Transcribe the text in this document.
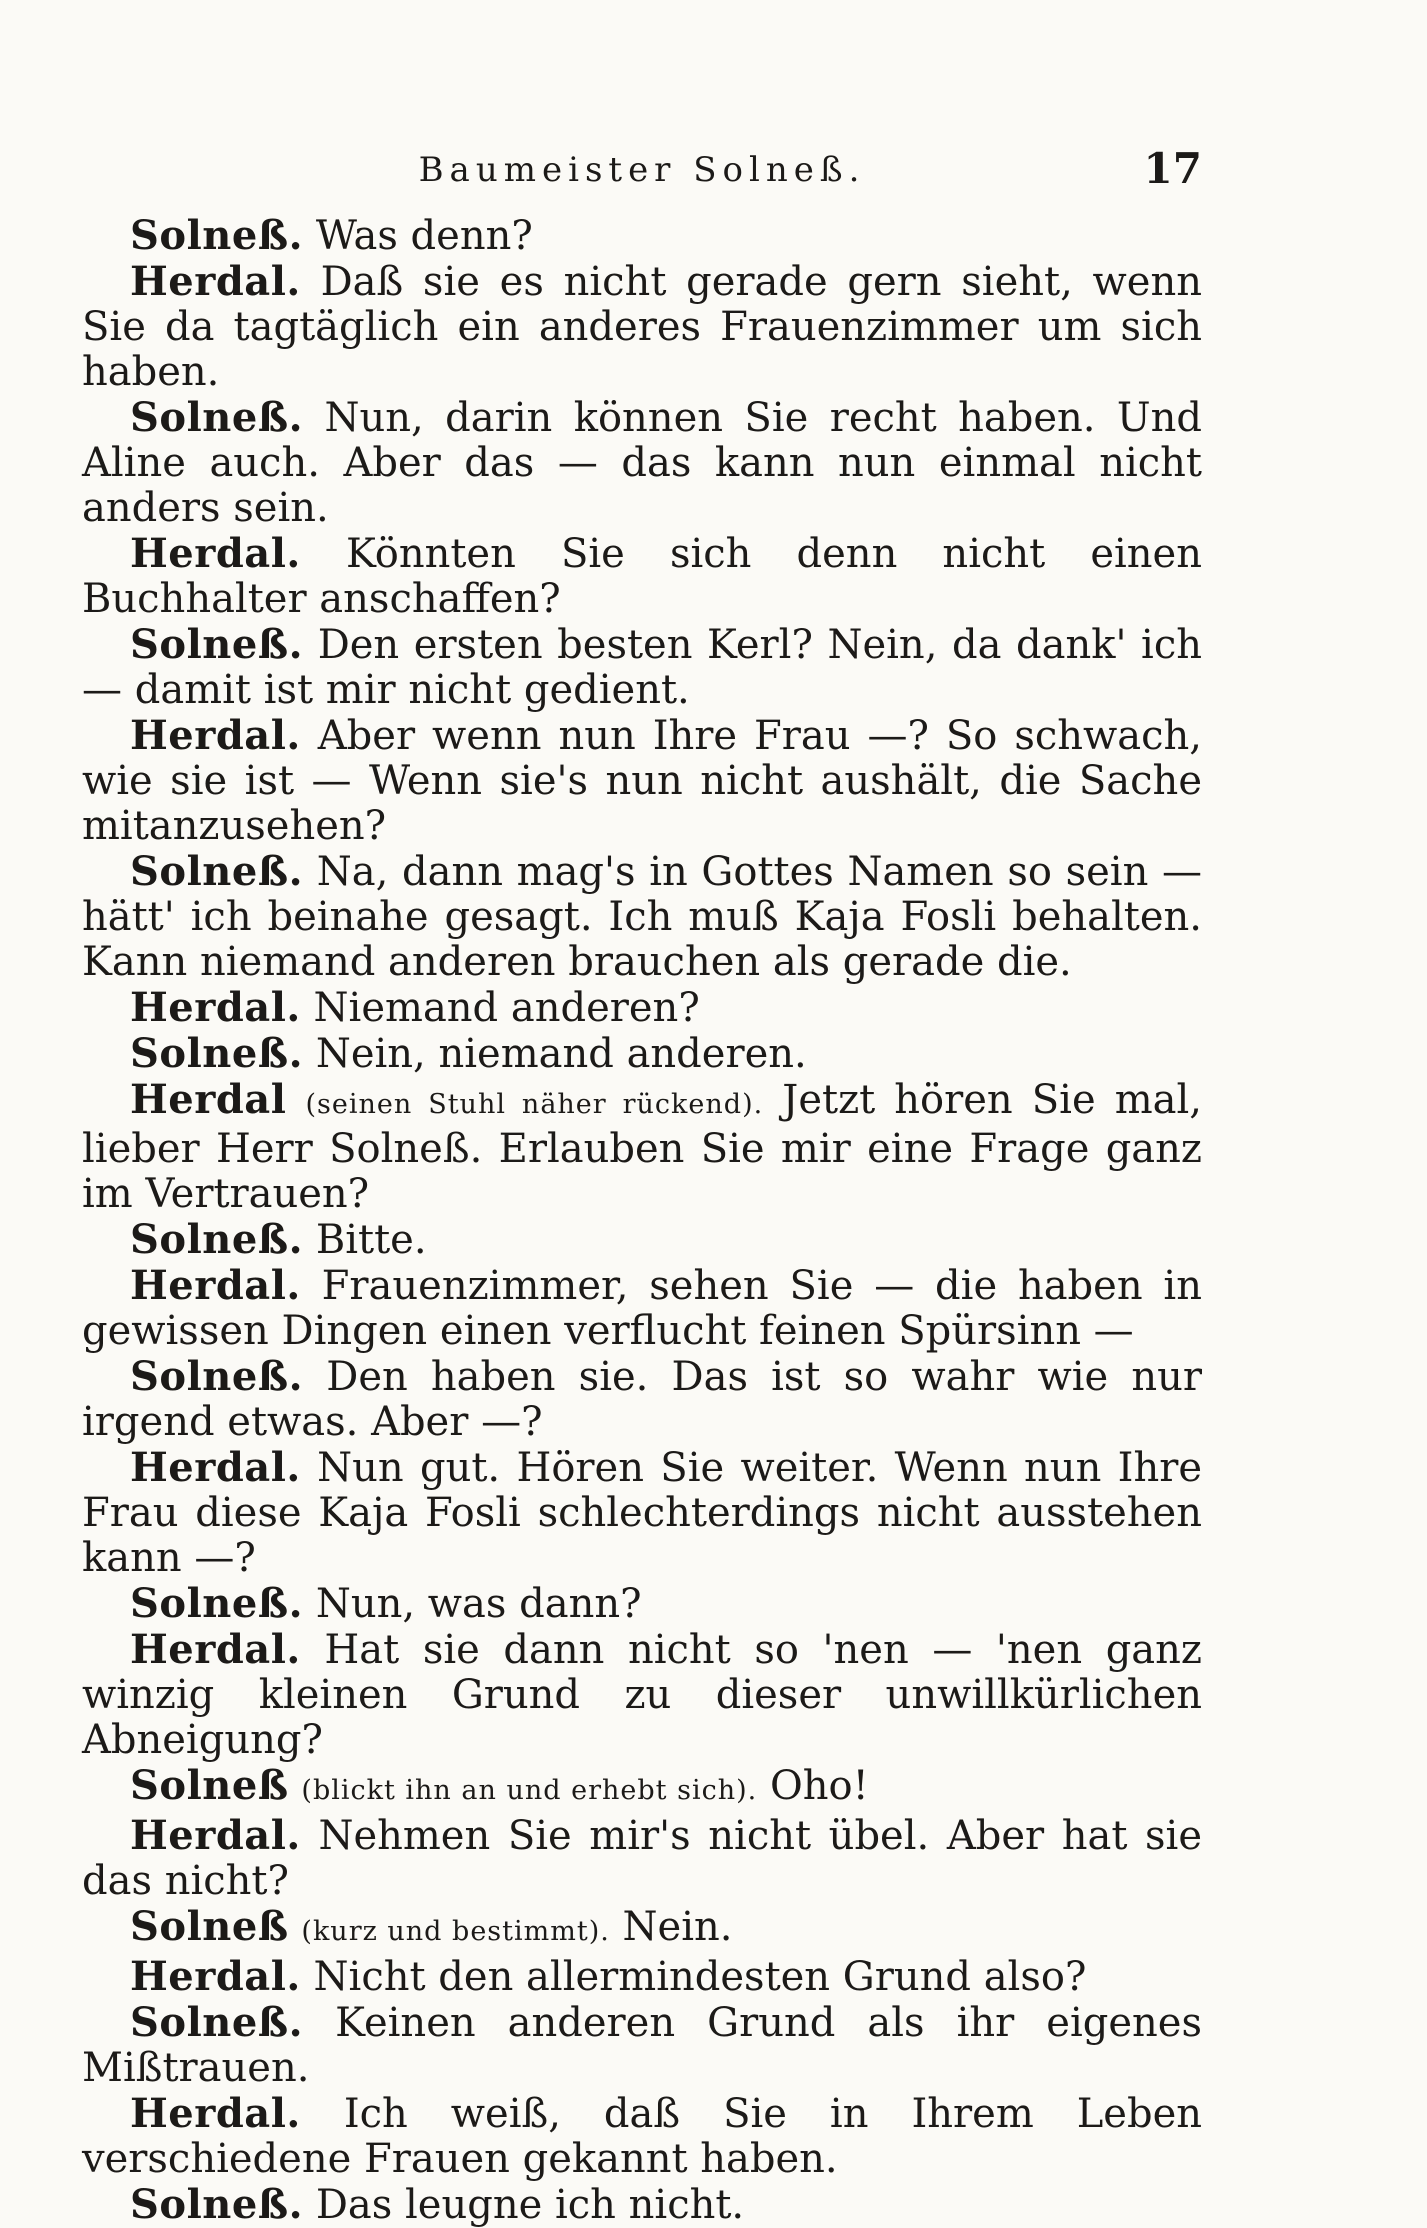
Baumeister Solneß.	17

Solneß. Was denn?

Herdal. Daß sie es nicht gerade gern sieht, wenn Sie da tagtäglich ein anderes Frauenzimmer um sich haben.

Solneß. Nun, darin können Sie recht haben. Und Aline auch. Aber das — das kann nun einmal nicht anders sein.

Herdal. Könnten Sie sich denn nicht einen Buchhalter anschaffen?

Solneß. Den ersten besten Kerl? Nein, da dank' ich — damit ist mir nicht gedient.

Herdal. Aber wenn nun Ihre Frau —? So schwach, wie sie ist — Wenn sie's nun nicht aushält, die Sache mitanzusehen?

Solneß. Na, dann mag's in Gottes Namen so sein — hätt' ich beinahe gesagt. Ich muß Kaja Fosli behalten. Kann niemand anderen brauchen als gerade die.

Herdal. Niemand anderen?

Solneß. Nein, niemand anderen.

Herdal (seinen Stuhl näher rückend). Jetzt hören Sie mal, lieber Herr Solneß. Erlauben Sie mir eine Frage ganz im Vertrauen?

Solneß. Bitte.

Herdal. Frauenzimmer, sehen Sie — die haben in gewissen Dingen einen verflucht feinen Spürsinn —

Solneß. Den haben sie. Das ist so wahr wie nur irgend etwas. Aber —?

Herdal. Nun gut. Hören Sie weiter. Wenn nun Ihre Frau diese Kaja Fosli schlechterdings nicht ausstehen kann —?

Solneß. Nun, was dann?

Herdal. Hat sie dann nicht so 'nen — 'nen ganz winzig kleinen Grund zu dieser unwillkürlichen Abneigung?

Solneß (blickt ihn an und erhebt sich). Oho!

Herdal. Nehmen Sie mir's nicht übel. Aber hat sie das nicht?

Solneß (kurz und bestimmt). Nein.

Herdal. Nicht den allermindesten Grund also?

Solneß. Keinen anderen Grund als ihr eigenes Mißtrauen.

Herdal. Ich weiß, daß Sie in Ihrem Leben verschiedene Frauen gekannt haben.

Solneß. Das leugne ich nicht.
